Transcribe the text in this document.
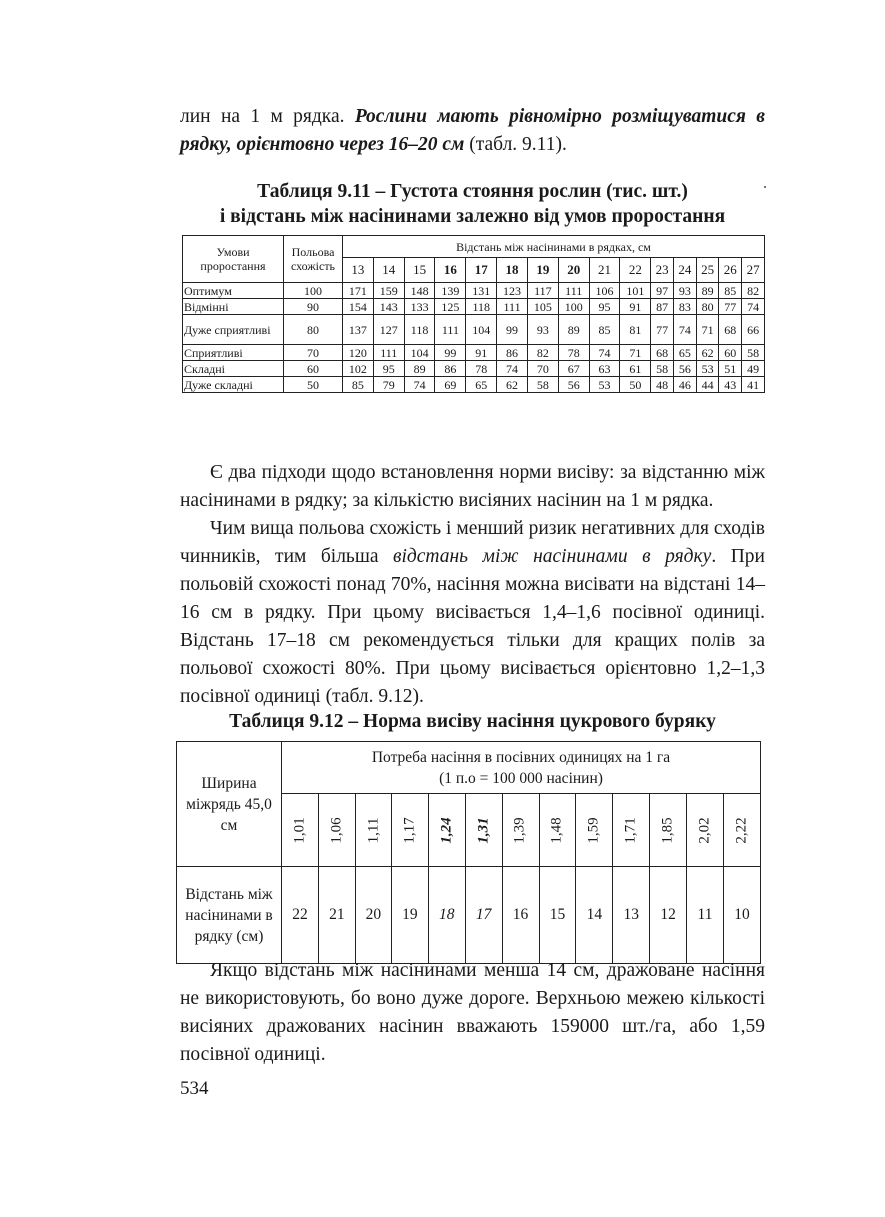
лин на 1 м рядка. Рослини мають рівномірно розміщуватися в рядку, орієнтовно через 16–20 см (табл. 9.11).

Таблиця 9.11 – Густота стояння рослин (тис. шт.)
і відстань між насінинами залежно від умов проростання

Умови проростання	Польова схожість	Відстань між насінинами в рядках, см														
		13	14	15	16	17	18	19	20	21	22	23	24	25	26	27
Оптимум	100	171	159	148	139	131	123	117	111	106	101	97	93	89	85	82
Відмінні	90	154	143	133	125	118	111	105	100	95	91	87	83	80	77	74
Дуже сприятливі	80	137	127	118	111	104	99	93	89	85	81	77	74	71	68	66
Сприятливі	70	120	111	104	99	91	86	82	78	74	71	68	65	62	60	58
Складні	60	102	95	89	86	78	74	70	67	63	61	58	56	53	51	49
Дуже складні	50	85	79	74	69	65	62	58	56	53	50	48	46	44	43	41

Є два підходи щодо встановлення норми висіву: за відстанню між насінинами в рядку; за кількістю висіяних насінин на 1 м рядка.

Чим вища польова схожість і менший ризик негативних для сходів чинників, тим більша відстань між насінинами в рядку. При польовій схожості понад 70%, насіння можна висівати на відстані 14–16 см в рядку. При цьому висівається 1,4–1,6 посівної одиниці. Відстань 17–18 см рекомендується тільки для кращих полів за польової схожості 80%. При цьому висівається орієнтовно 1,2–1,3 посівної одиниці (табл. 9.12).

Таблиця 9.12 – Норма висіву насіння цукрового буряку

Ширина міжрядь 45,0 см	Потреба насіння в посівних одиницях на 1 га
(1 п.о = 100 000 насінин)												
	1,01	1,06	1,11	1,17	1,24	1,31	1,39	1,48	1,59	1,71	1,85	2,02	2,22
Відстань між насінинами в рядку (см)	22	21	20	19	18	17	16	15	14	13	12	11	10

Якщо відстань між насінинами менша 14 см, дражоване насіння не використовують, бо воно дуже дороге. Верхньою межею кількості висіяних дражованих насінин вважають 159000 шт./га, або 1,59 посівної одиниці.

534
